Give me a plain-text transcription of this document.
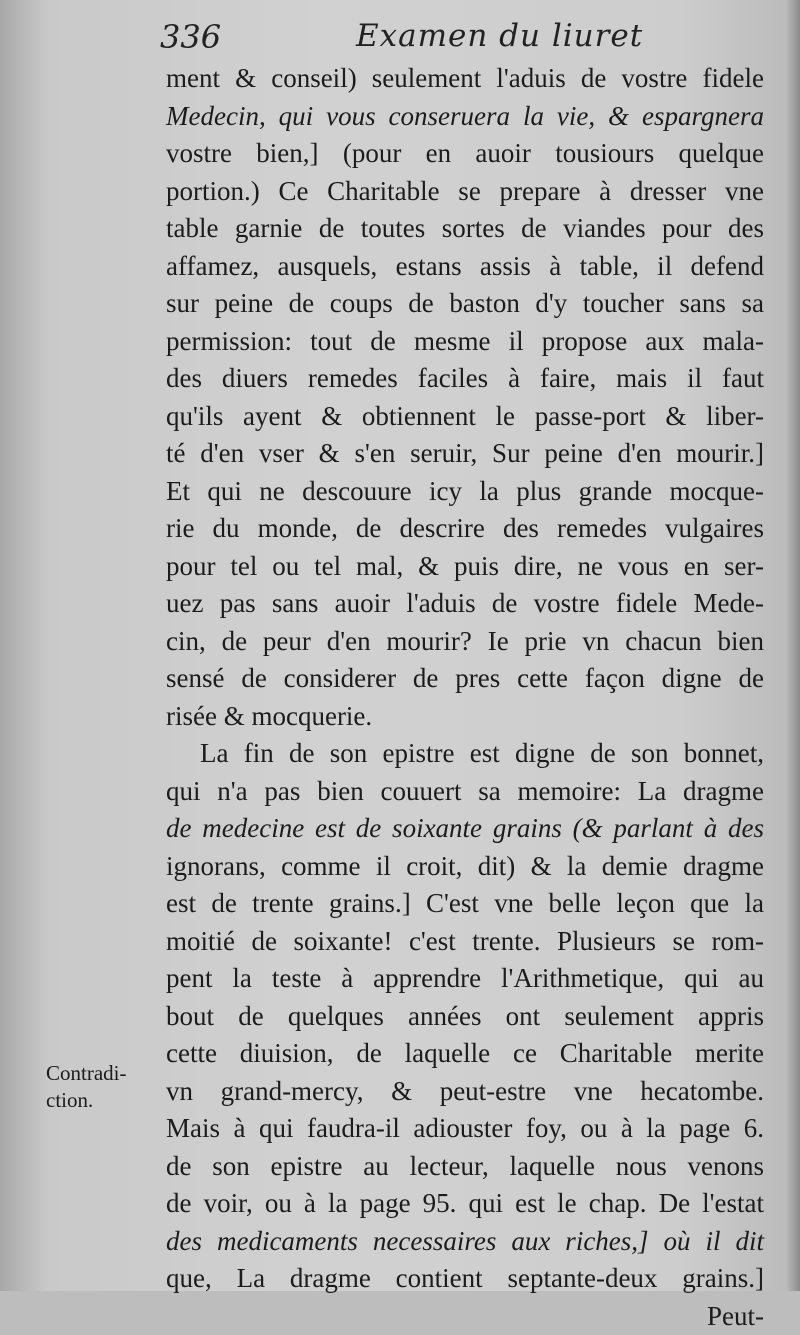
336	Examen du liuret
ment & conseil) seulement l'aduis de vostre fidele
Medecin, qui vous conseruera la vie, & espargnera
vostre bien,] (pour en auoir tousiours quelque
portion.) Ce Charitable se prepare à dresser vne
table garnie de toutes sortes de viandes pour des
affamez, ausquels, estans assis à table, il defend
sur peine de coups de baston d'y toucher sans sa
permission: tout de mesme il propose aux mala-
des diuers remedes faciles à faire, mais il faut
qu'ils ayent & obtiennent le passe-port & liber-
té d'en vser & s'en seruir, Sur peine d'en mourir.]
Et qui ne descouure icy la plus grande mocque-
rie du monde, de descrire des remedes vulgaires
pour tel ou tel mal, & puis dire, ne vous en ser-
uez pas sans auoir l'aduis de vostre fidele Mede-
cin, de peur d'en mourir? Ie prie vn chacun bien
sensé de considerer de pres cette façon digne de
risée & mocquerie.
La fin de son epistre est digne de son bonnet,
qui n'a pas bien couuert sa memoire: La dragme
de medecine est de soixante grains (& parlant à des
ignorans, comme il croit, dit) & la demie dragme
est de trente grains.] C'est vne belle leçon que la
moitié de soixante! c'est trente. Plusieurs se rom-
pent la teste à apprendre l'Arithmetique, qui au
bout de quelques années ont seulement appris
cette diuision, de laquelle ce Charitable merite
vn grand-mercy, & peut-estre vne hecatombe.
Mais à qui faudra-il adiouster foy, ou à la page 6.
de son epistre au lecteur, laquelle nous venons
de voir, ou à la page 95. qui est le chap. De l'estat
des medicaments necessaires aux riches,] où il dit
que, La dragme contient septante-deux grains.]
Peut-
Contradi-
ction.
